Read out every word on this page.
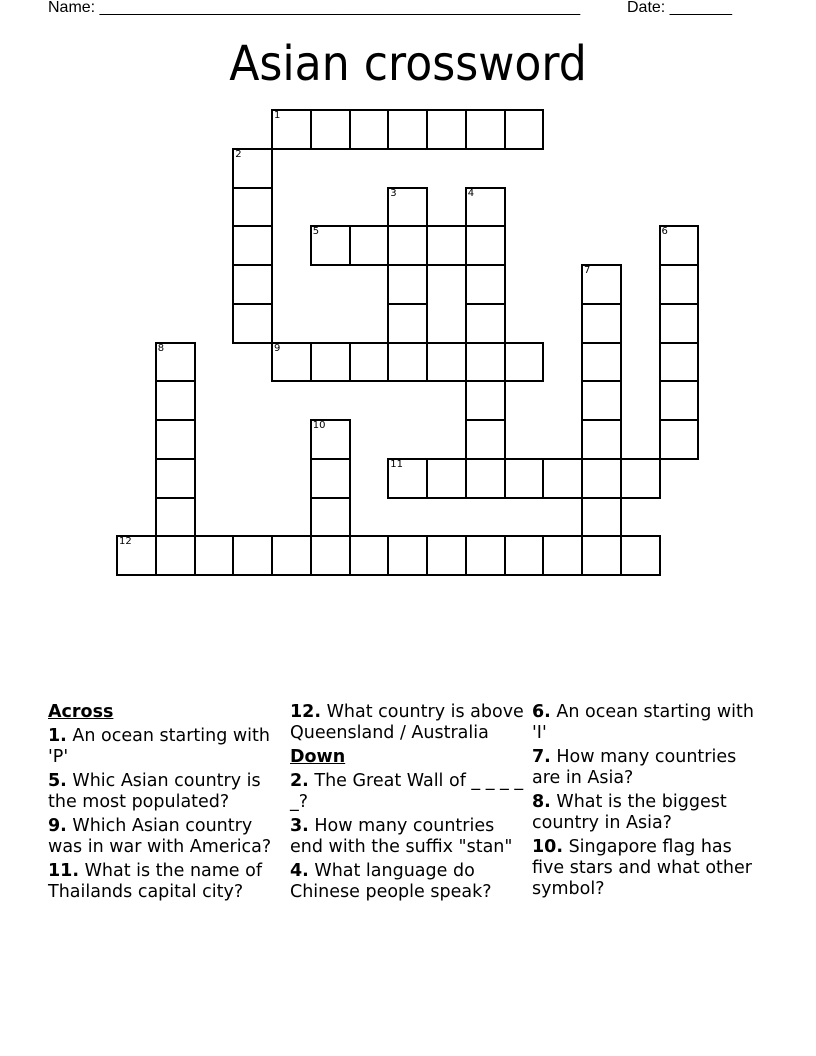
Name: ______________________________________________________	Date: _______
Asian crossword
1
2
3	4
5	6
7
8	9
10
11
12
Across
1. An ocean starting with 'P'
5. Whic Asian country is the most populated?
9. Which Asian country was in war with America?
11. What is the name of Thailands capital city?
12. What country is above Queensland / Australia
Down
2. The Great Wall of _ _ _ _ _?
3. How many countries end with the suffix "stan"
4. What language do Chinese people speak?
6. An ocean starting with 'I'
7. How many countries are in Asia?
8. What is the biggest country in Asia?
10. Singapore flag has five stars and what other symbol?
